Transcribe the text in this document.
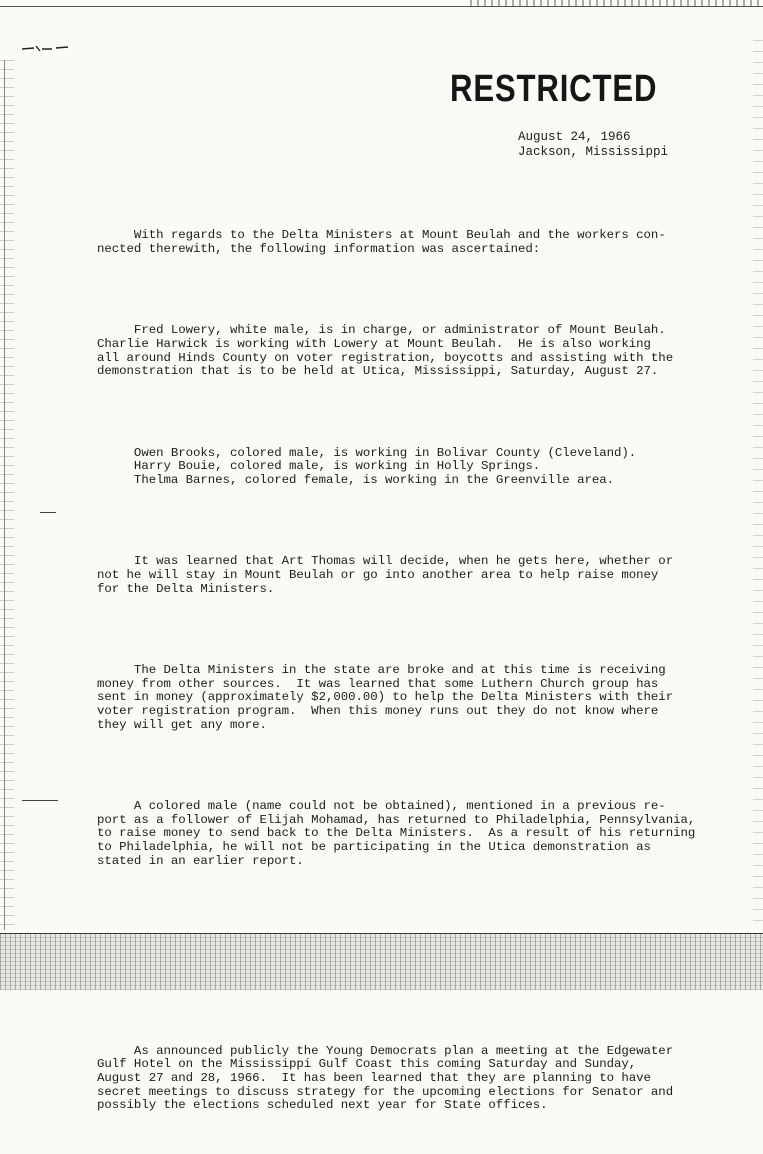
RESTRICTED
August 24, 1966
Jackson, Mississippi

With regards to the Delta Ministers at Mount Beulah and the workers con-
nected therewith, the following information was ascertained:

Fred Lowery, white male, is in charge, or administrator of Mount Beulah.
Charlie Harwick is working with Lowery at Mount Beulah.  He is also working
all around Hinds County on voter registration, boycotts and assisting with the
demonstration that is to be held at Utica, Mississippi, Saturday, August 27.

Owen Brooks, colored male, is working in Bolivar County (Cleveland).
Harry Bouie, colored male, is working in Holly Springs.
Thelma Barnes, colored female, is working in the Greenville area.

It was learned that Art Thomas will decide, when he gets here, whether or
not he will stay in Mount Beulah or go into another area to help raise money
for the Delta Ministers.

The Delta Ministers in the state are broke and at this time is receiving
money from other sources.  It was learned that some Luthern Church group has
sent in money (approximately $2,000.00) to help the Delta Ministers with their
voter registration program.  When this money runs out they do not know where
they will get any more.

A colored male (name could not be obtained), mentioned in a previous re-
port as a follower of Elijah Mohamad, has returned to Philadelphia, Pennsylvania,
to raise money to send back to the Delta Ministers.  As a result of his returning
to Philadelphia, he will not be participating in the Utica demonstration as
stated in an earlier report.

As announced publicly the Young Democrats plan a meeting at the Edgewater
Gulf Hotel on the Mississippi Gulf Coast this coming Saturday and Sunday,
August 27 and 28, 1966.  It has been learned that they are planning to have
secret meetings to discuss strategy for the upcoming elections for Senator and
possibly the elections scheduled next year for State offices.
